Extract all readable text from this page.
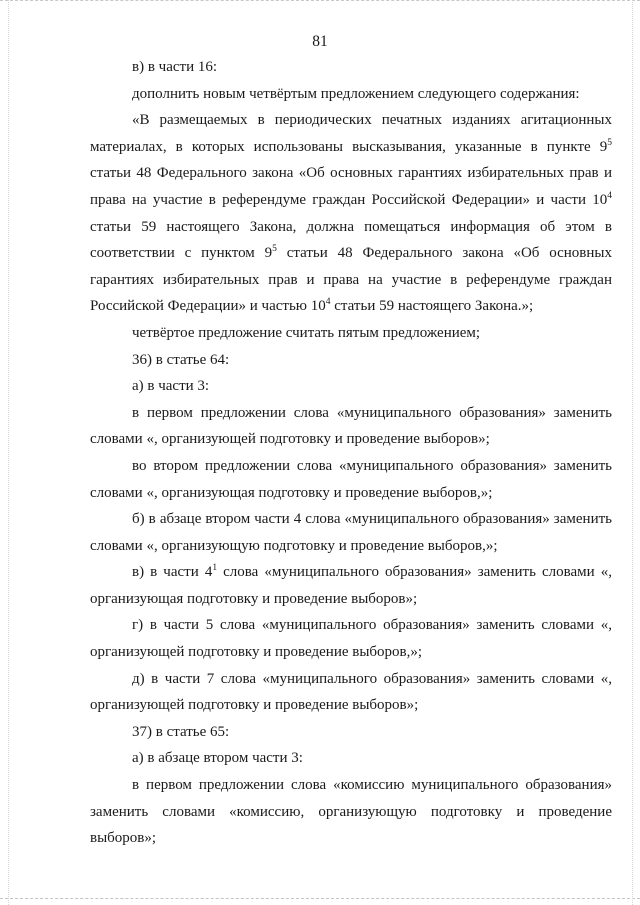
81

в) в части 16:

дополнить новым четвёртым предложением следующего содержания:

«В размещаемых в периодических печатных изданиях агитационных материалах, в которых использованы высказывания, указанные в пункте $9^5$ статьи 48 Федерального закона «Об основных гарантиях избирательных прав и права на участие в референдуме граждан Российской Федерации» и части $10^4$ статьи 59 настоящего Закона, должна помещаться информация об этом в соответствии с пунктом $9^5$ статьи 48 Федерального закона «Об основных гарантиях избирательных прав и права на участие в референдуме граждан Российской Федерации» и частью $10^4$ статьи 59 настоящего Закона.»;

четвёртое предложение считать пятым предложением;

36) в статье 64:

а) в части 3:

в первом предложении слова «муниципального образования» заменить словами «, организующей подготовку и проведение выборов»;

во втором предложении слова «муниципального образования» заменить словами «, организующая подготовку и проведение выборов,»;

б) в абзаце втором части 4 слова «муниципального образования» заменить словами «, организующую подготовку и проведение выборов,»;

в) в части $4^1$ слова «муниципального образования» заменить словами «, организующая подготовку и проведение выборов»;

г) в части 5 слова «муниципального образования» заменить словами «, организующей подготовку и проведение выборов,»;

д) в части 7 слова «муниципального образования» заменить словами «, организующей подготовку и проведение выборов»;

37) в статье 65:

а) в абзаце втором части 3:

в первом предложении слова «комиссию муниципального образования» заменить словами «комиссию, организующую подготовку и проведение выборов»;
